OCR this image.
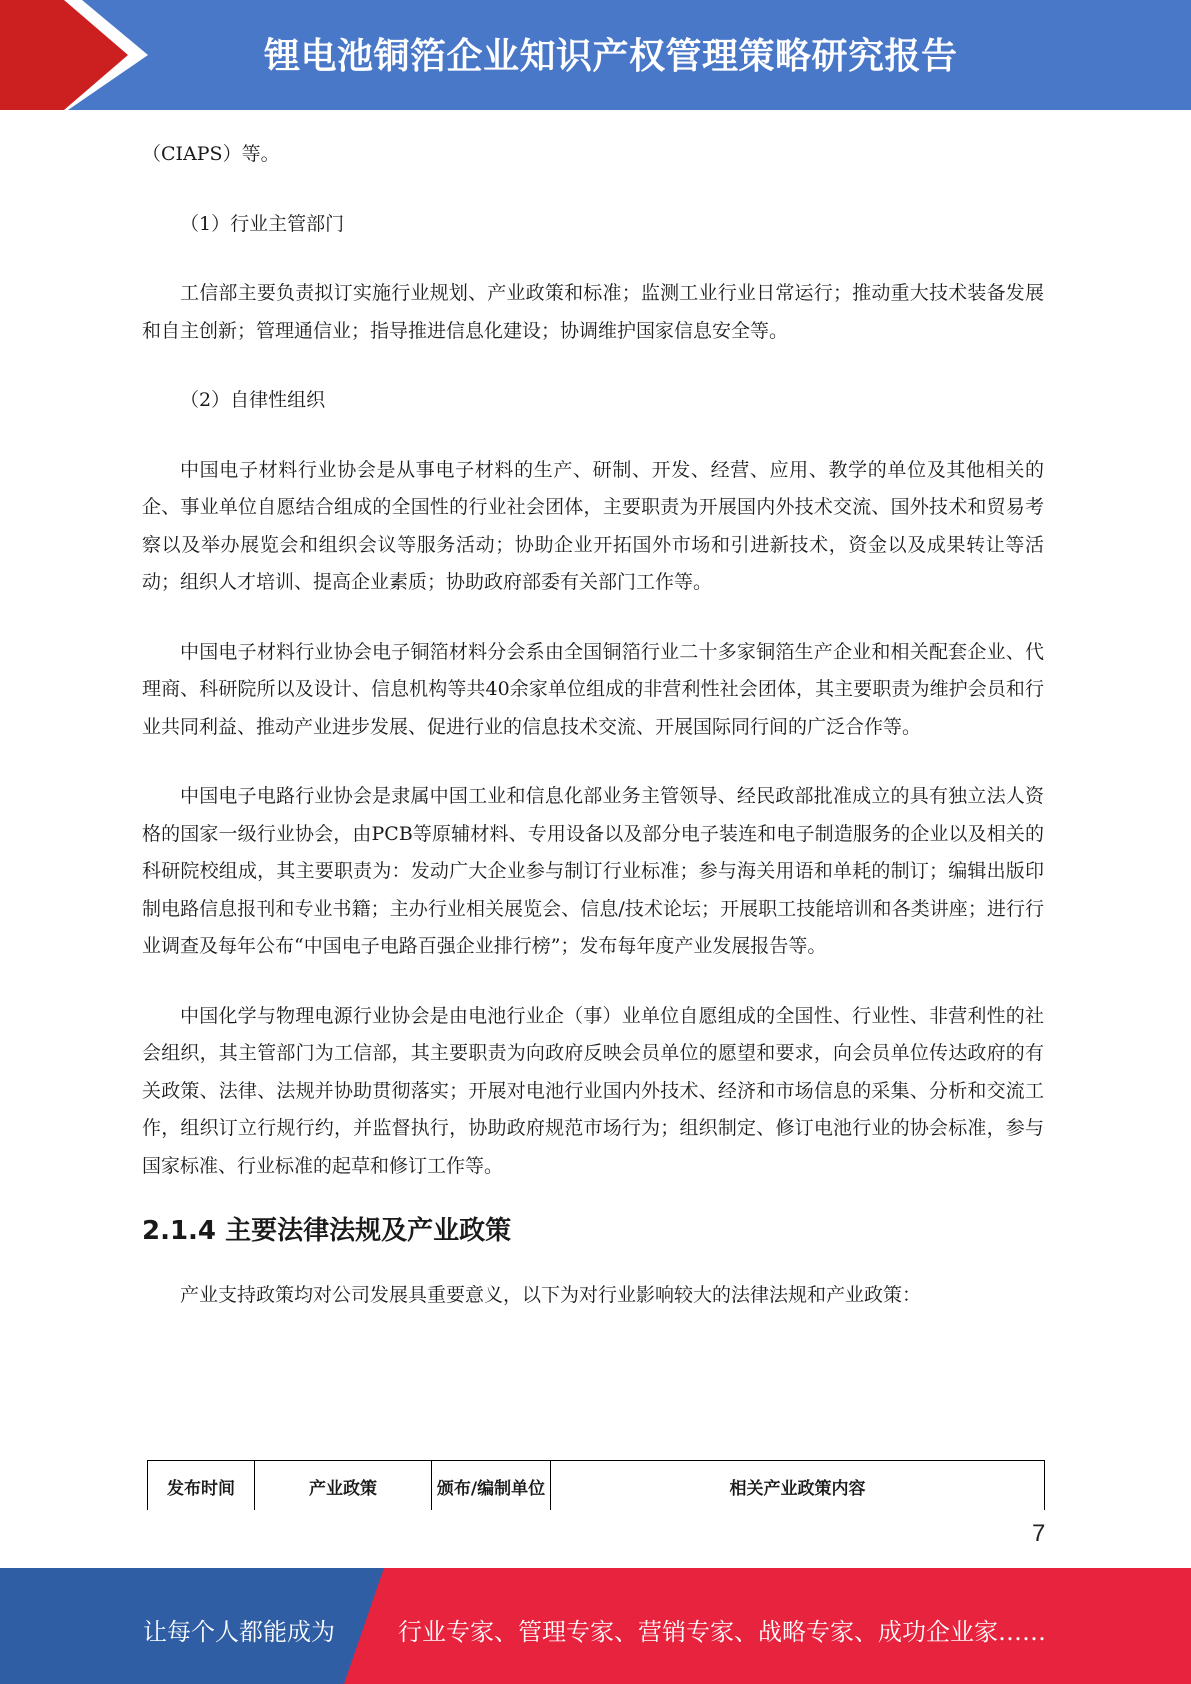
锂电池铜箔企业知识产权管理策略研究报告

（CIAPS）等。

（1）行业主管部门

工信部主要负责拟订实施行业规划、产业政策和标准；监测工业行业日常运行；推动重大技术装备发展和自主创新；管理通信业；指导推进信息化建设；协调维护国家信息安全等。

（2）自律性组织

中国电子材料行业协会是从事电子材料的生产、研制、开发、经营、应用、教学的单位及其他相关的企、事业单位自愿结合组成的全国性的行业社会团体，主要职责为开展国内外技术交流、国外技术和贸易考察以及举办展览会和组织会议等服务活动；协助企业开拓国外市场和引进新技术，资金以及成果转让等活动；组织人才培训、提高企业素质；协助政府部委有关部门工作等。

中国电子材料行业协会电子铜箔材料分会系由全国铜箔行业二十多家铜箔生产企业和相关配套企业、代理商、科研院所以及设计、信息机构等共40余家单位组成的非营利性社会团体，其主要职责为维护会员和行业共同利益、推动产业进步发展、促进行业的信息技术交流、开展国际同行间的广泛合作等。

中国电子电路行业协会是隶属中国工业和信息化部业务主管领导、经民政部批准成立的具有独立法人资格的国家一级行业协会，由PCB等原辅材料、专用设备以及部分电子装连和电子制造服务的企业以及相关的科研院校组成，其主要职责为：发动广大企业参与制订行业标准；参与海关用语和单耗的制订；编辑出版印制电路信息报刊和专业书籍；主办行业相关展览会、信息/技术论坛；开展职工技能培训和各类讲座；进行行业调查及每年公布“中国电子电路百强企业排行榜”；发布每年度产业发展报告等。

中国化学与物理电源行业协会是由电池行业企（事）业单位自愿组成的全国性、行业性、非营利性的社会组织，其主管部门为工信部，其主要职责为向政府反映会员单位的愿望和要求，向会员单位传达政府的有关政策、法律、法规并协助贯彻落实；开展对电池行业国内外技术、经济和市场信息的采集、分析和交流工作，组织订立行规行约，并监督执行，协助政府规范市场行为；组织制定、修订电池行业的协会标准，参与国家标准、行业标准的起草和修订工作等。

2.1.4 主要法律法规及产业政策

产业支持政策均对公司发展具重要意义，以下为对行业影响较大的法律法规和产业政策：

发布时间	产业政策	颁布/编制单位	相关产业政策内容
7
让每个人都能成为	行业专家、管理专家、营销专家、战略专家、成功企业家……
